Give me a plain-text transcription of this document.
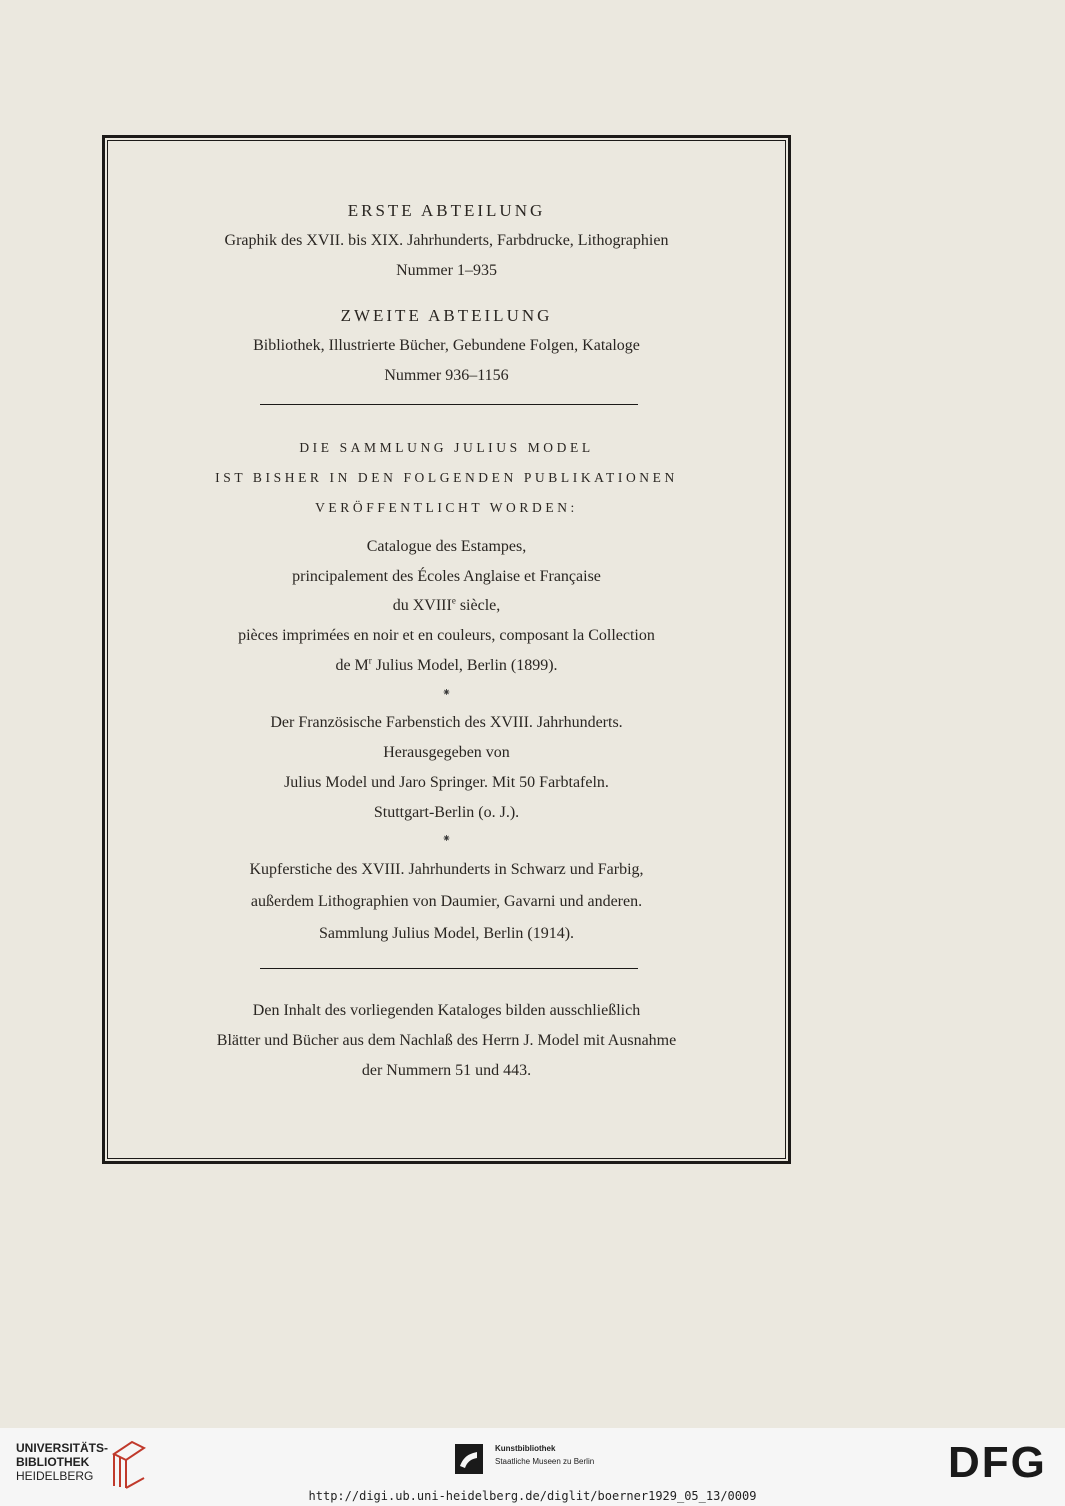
ERSTE ABTEILUNG
Graphik des XVII. bis XIX. Jahrhunderts, Farbdrucke, Lithographien
Nummer 1–935
ZWEITE ABTEILUNG
Bibliothek, Illustrierte Bücher, Gebundene Folgen, Kataloge
Nummer 936–1156
DIE SAMMLUNG JULIUS MODEL
IST BISHER IN DEN FOLGENDEN PUBLIKATIONEN
VERÖFFENTLICHT WORDEN:
Catalogue des Estampes,
principalement des Écoles Anglaise et Française
du XVIIIe siècle,
pièces imprimées en noir et en couleurs, composant la Collection
de $M^r$ Julius Model, Berlin (1899).
⁕
Der Französische Farbenstich des XVIII. Jahrhunderts.
Herausgegeben von
Julius Model und Jaro Springer. Mit 50 Farbtafeln.
Stuttgart-Berlin (o. J.).
⁕
Kupferstiche des XVIII. Jahrhunderts in Schwarz und Farbig,
außerdem Lithographien von Daumier, Gavarni und anderen.
Sammlung Julius Model, Berlin (1914).
Den Inhalt des vorliegenden Kataloges bilden ausschließlich
Blätter und Bücher aus dem Nachlaß des Herrn J. Model mit Ausnahme
der Nummern 51 und 443.
UNIVERSITÄTS-
BIBLIOTHEK
HEIDELBERG
Kunstbibliothek
Staatliche Museen zu Berlin	DFG
http://digi.ub.uni-heidelberg.de/diglit/boerner1929_05_13/0009
